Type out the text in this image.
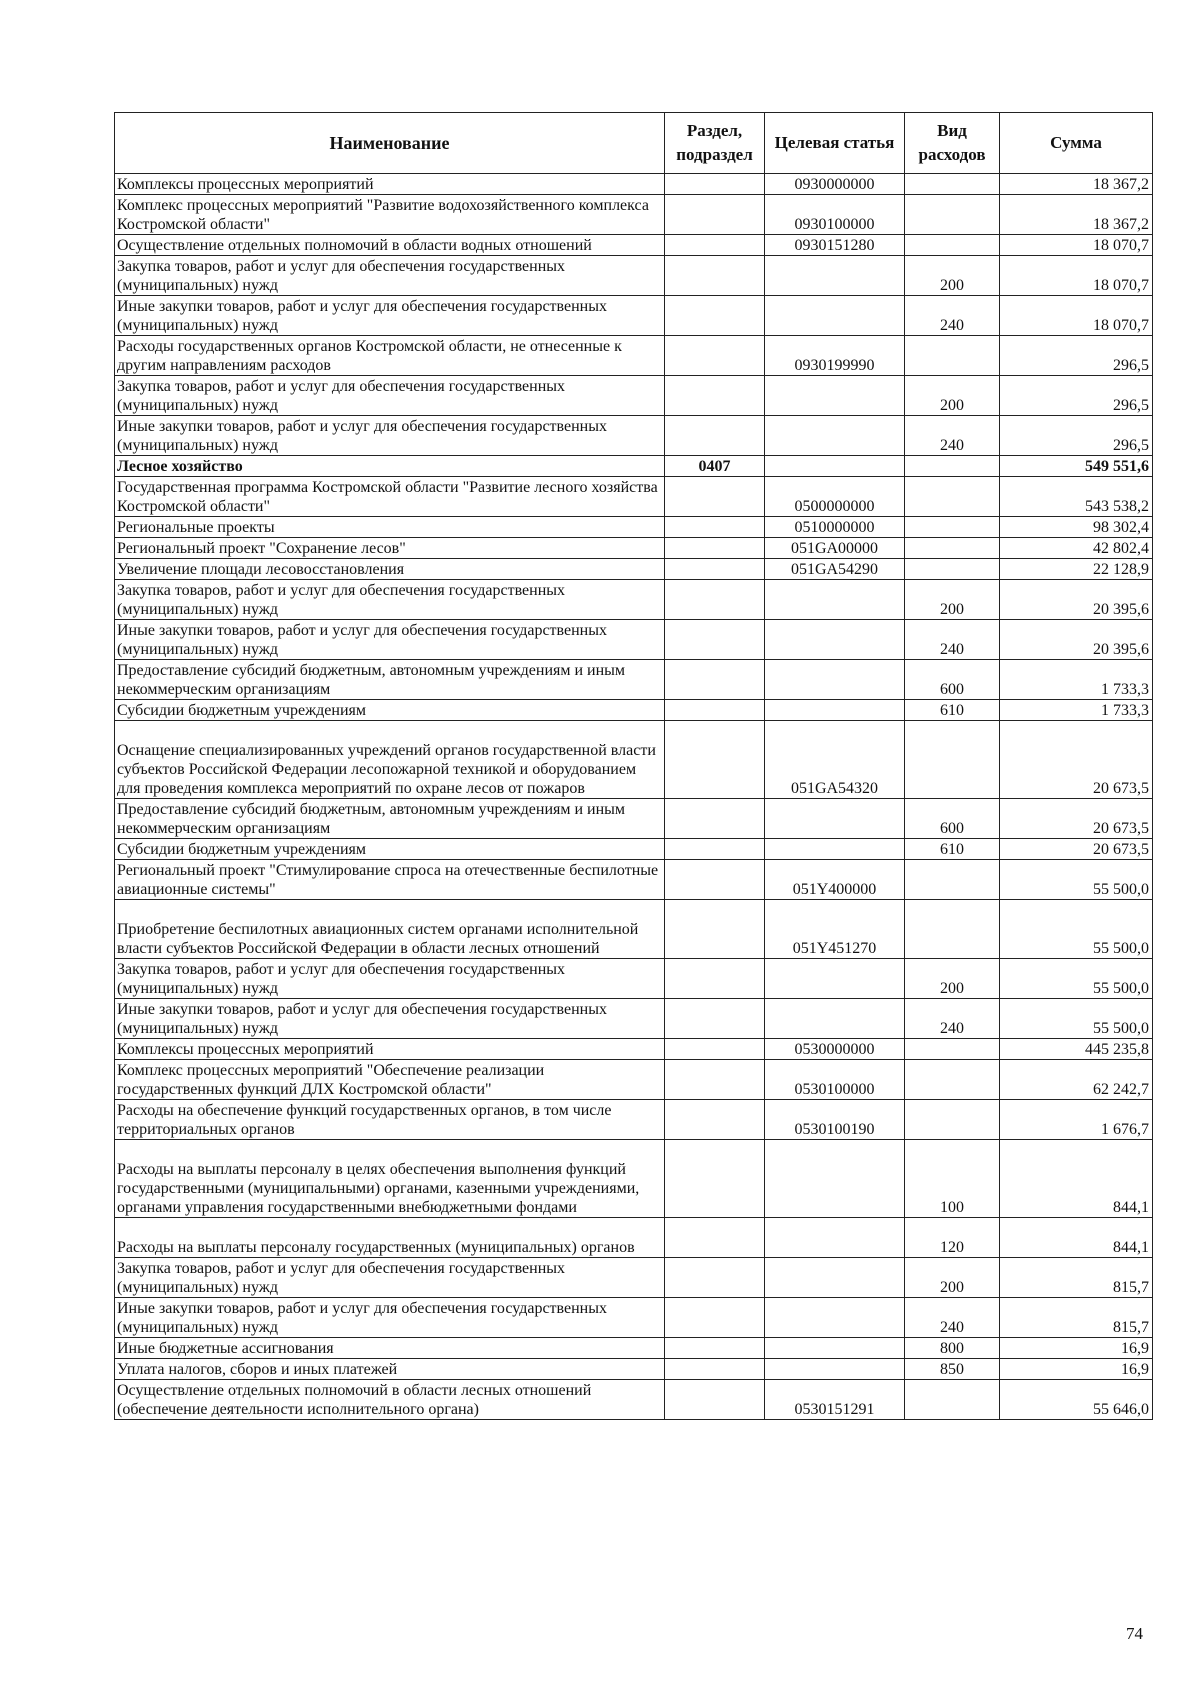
Наименование	Раздел, подраздел	Целевая статья	Вид расходов	Сумма
Комплексы процессных мероприятий		0930000000		18 367,2
Комплекс процессных мероприятий "Развитие водохозяйственного комплекса Костромской области"		0930100000		18 367,2
Осуществление отдельных полномочий в области водных отношений		0930151280		18 070,7
Закупка товаров, работ и услуг для обеспечения государственных (муниципальных) нужд			200	18 070,7
Иные закупки товаров, работ и услуг для обеспечения государственных (муниципальных) нужд			240	18 070,7
Расходы государственных органов Костромской области, не отнесенные к другим направлениям расходов		0930199990		296,5
Закупка товаров, работ и услуг для обеспечения государственных (муниципальных) нужд			200	296,5
Иные закупки товаров, работ и услуг для обеспечения государственных (муниципальных) нужд			240	296,5
Лесное хозяйство	0407			549 551,6
Государственная программа Костромской области "Развитие лесного хозяйства Костромской области"		0500000000		543 538,2
Региональные проекты		0510000000		98 302,4
Региональный проект "Сохранение лесов"		051GA00000		42 802,4
Увеличение площади лесовосстановления		051GA54290		22 128,9
Закупка товаров, работ и услуг для обеспечения государственных (муниципальных) нужд			200	20 395,6
Иные закупки товаров, работ и услуг для обеспечения государственных (муниципальных) нужд			240	20 395,6
Предоставление субсидий бюджетным, автономным учреждениям и иным некоммерческим организациям			600	1 733,3
Субсидии бюджетным учреждениям			610	1 733,3
Оснащение специализированных учреждений органов государственной власти субъектов Российской Федерации лесопожарной техникой и оборудованием для проведения комплекса мероприятий по охране лесов от пожаров		051GA54320		20 673,5
Предоставление субсидий бюджетным, автономным учреждениям и иным некоммерческим организациям			600	20 673,5
Субсидии бюджетным учреждениям			610	20 673,5
Региональный проект "Стимулирование спроса на отечественные беспилотные авиационные системы"		051Y400000		55 500,0
Приобретение беспилотных авиационных систем органами исполнительной власти субъектов Российской Федерации в области лесных отношений		051Y451270		55 500,0
Закупка товаров, работ и услуг для обеспечения государственных (муниципальных) нужд			200	55 500,0
Иные закупки товаров, работ и услуг для обеспечения государственных (муниципальных) нужд			240	55 500,0
Комплексы процессных мероприятий		0530000000		445 235,8
Комплекс процессных мероприятий "Обеспечение реализации государственных функций ДЛХ Костромской области"		0530100000		62 242,7
Расходы на обеспечение функций государственных органов, в том числе территориальных органов		0530100190		1 676,7
Расходы на выплаты персоналу в целях обеспечения выполнения функций государственными (муниципальными) органами, казенными учреждениями, органами управления государственными внебюджетными фондами			100	844,1
Расходы на выплаты персоналу государственных (муниципальных) органов			120	844,1
Закупка товаров, работ и услуг для обеспечения государственных (муниципальных) нужд			200	815,7
Иные закупки товаров, работ и услуг для обеспечения государственных (муниципальных) нужд			240	815,7
Иные бюджетные ассигнования			800	16,9
Уплата налогов, сборов и иных платежей			850	16,9
Осуществление отдельных полномочий в области лесных отношений (обеспечение деятельности исполнительного органа)		0530151291		55 646,0
74
